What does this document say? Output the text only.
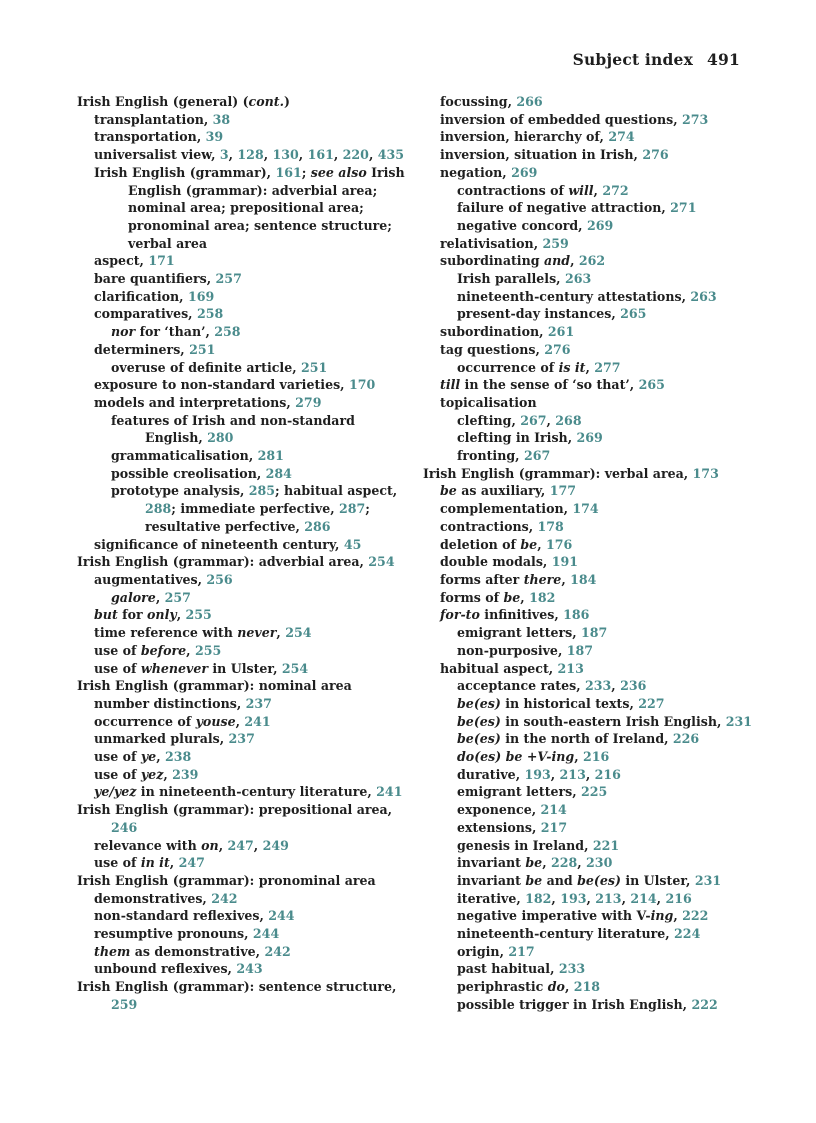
Subject index 491
Irish English (general) (cont.)
transplantation, 38
transportation, 39
universalist view, 3, 128, 130, 161, 220, 435
Irish English (grammar), 161; see also Irish English (grammar): adverbial area; nominal area; prepositional area; pronominal area; sentence structure; verbal area
aspect, 171
bare quantifiers, 257
clarification, 169
comparatives, 258
nor for ‘than’, 258
determiners, 251
overuse of definite article, 251
exposure to non-standard varieties, 170
models and interpretations, 279
features of Irish and non-standard English, 280
grammaticalisation, 281
possible creolisation, 284
prototype analysis, 285; habitual aspect, 288; immediate perfective, 287; resultative perfective, 286
significance of nineteenth century, 45
Irish English (grammar): adverbial area, 254
augmentatives, 256
galore, 257
but for only, 255
time reference with never, 254
use of before, 255
use of whenever in Ulster, 254
Irish English (grammar): nominal area
number distinctions, 237
occurrence of youse, 241
unmarked plurals, 237
use of ye, 238
use of yez, 239
ye/yez in nineteenth-century literature, 241
Irish English (grammar): prepositional area, 246
relevance with on, 247, 249
use of in it, 247
Irish English (grammar): pronominal area
demonstratives, 242
non-standard reflexives, 244
resumptive pronouns, 244
them as demonstrative, 242
unbound reflexives, 243
Irish English (grammar): sentence structure, 259
focussing, 266
inversion of embedded questions, 273
inversion, hierarchy of, 274
inversion, situation in Irish, 276
negation, 269
contractions of will, 272
failure of negative attraction, 271
negative concord, 269
relativisation, 259
subordinating and, 262
Irish parallels, 263
nineteenth-century attestations, 263
present-day instances, 265
subordination, 261
tag questions, 276
occurrence of is it, 277
till in the sense of ‘so that’, 265
topicalisation
clefting, 267, 268
clefting in Irish, 269
fronting, 267
Irish English (grammar): verbal area, 173
be as auxiliary, 177
complementation, 174
contractions, 178
deletion of be, 176
double modals, 191
forms after there, 184
forms of be, 182
for-to infinitives, 186
emigrant letters, 187
non-purposive, 187
habitual aspect, 213
acceptance rates, 233, 236
be(es) in historical texts, 227
be(es) in south-eastern Irish English, 231
be(es) in the north of Ireland, 226
do(es) be +V-ing, 216
durative, 193, 213, 216
emigrant letters, 225
exponence, 214
extensions, 217
genesis in Ireland, 221
invariant be, 228, 230
invariant be and be(es) in Ulster, 231
iterative, 182, 193, 213, 214, 216
negative imperative with V-ing, 222
nineteenth-century literature, 224
origin, 217
past habitual, 233
periphrastic do, 218
possible trigger in Irish English, 222
